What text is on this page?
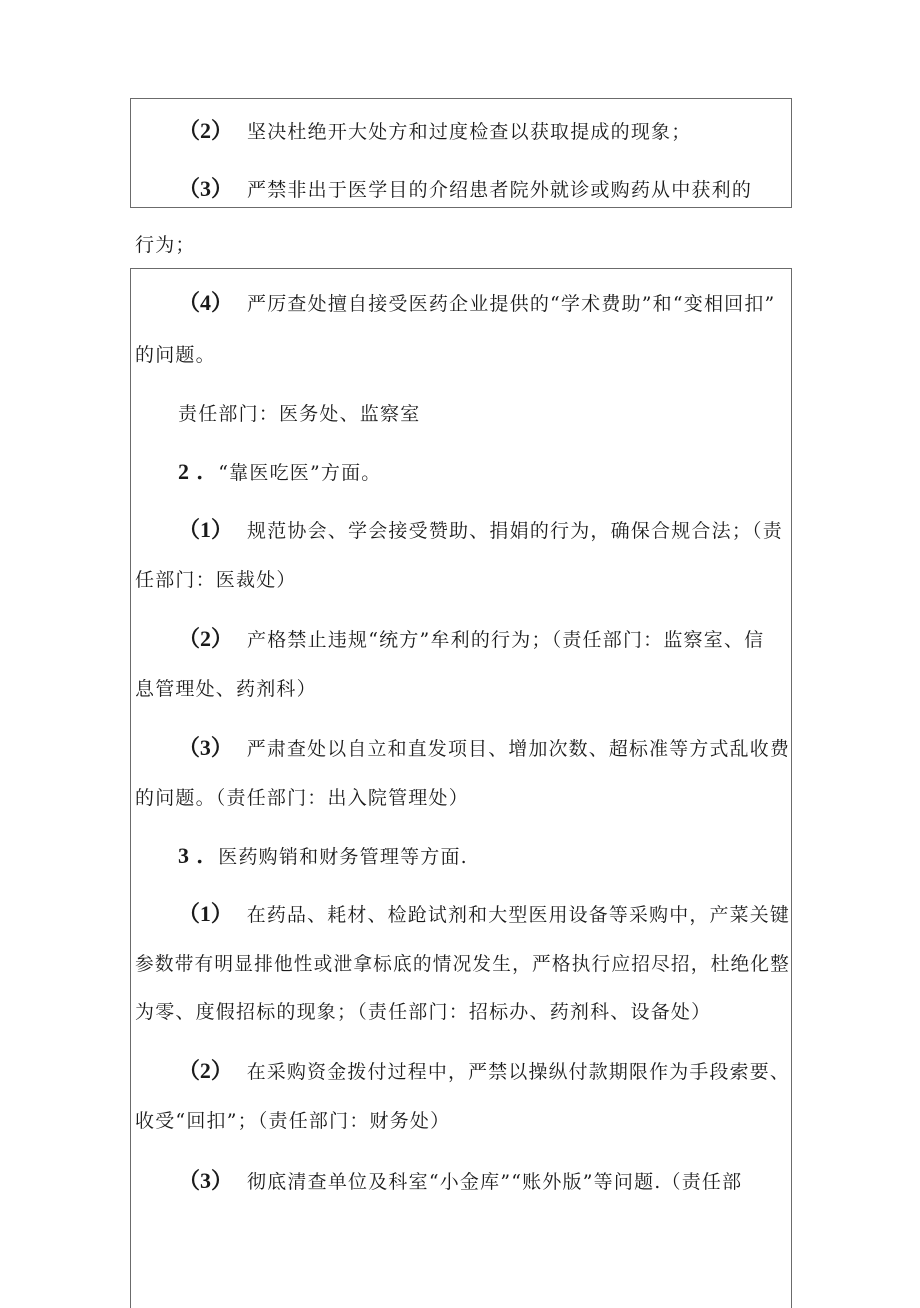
（2） 坚决杜绝开大处方和过度检查以获取提成的现象；
（3） 严禁非出于医学目的介绍患者院外就诊或购药从中获利的
行为；
（4） 严厉查处擅自接受医药企业提供的“学术费助”和“变相回扣”
的问题。
责任部门：医务处、监察室
2 ．“靠医吃医”方面。
（1） 规范协会、学会接受赞助、捐娟的行为，确保合规合法；（责
任部门：医裁处）
（2） 产格禁止违规“统方”牟利的行为；（责任部门：监察室、信
息管理处、药剂科）
（3） 严肃查处以自立和直发项目、增加次数、超标准等方式乱收费
的问题。（责任部门：出入院管理处）
3 ．医药购销和财务管理等方面.
（1） 在药品、耗材、检跄试剂和大型医用设备等采购中，产菜关键
参数带有明显排他性或泄拿标底的情况发生，严格执行应招尽招，杜绝化整
为零、度假招标的现象；（责任部门：招标办、药剂科、设备处）
（2） 在采购资金拨付过程中，严禁以操纵付款期限作为手段索要、
收受“回扣”；（责任部门：财务处）
（3） 彻底清查单位及科室“小金库”“账外版”等问题.（责任部
